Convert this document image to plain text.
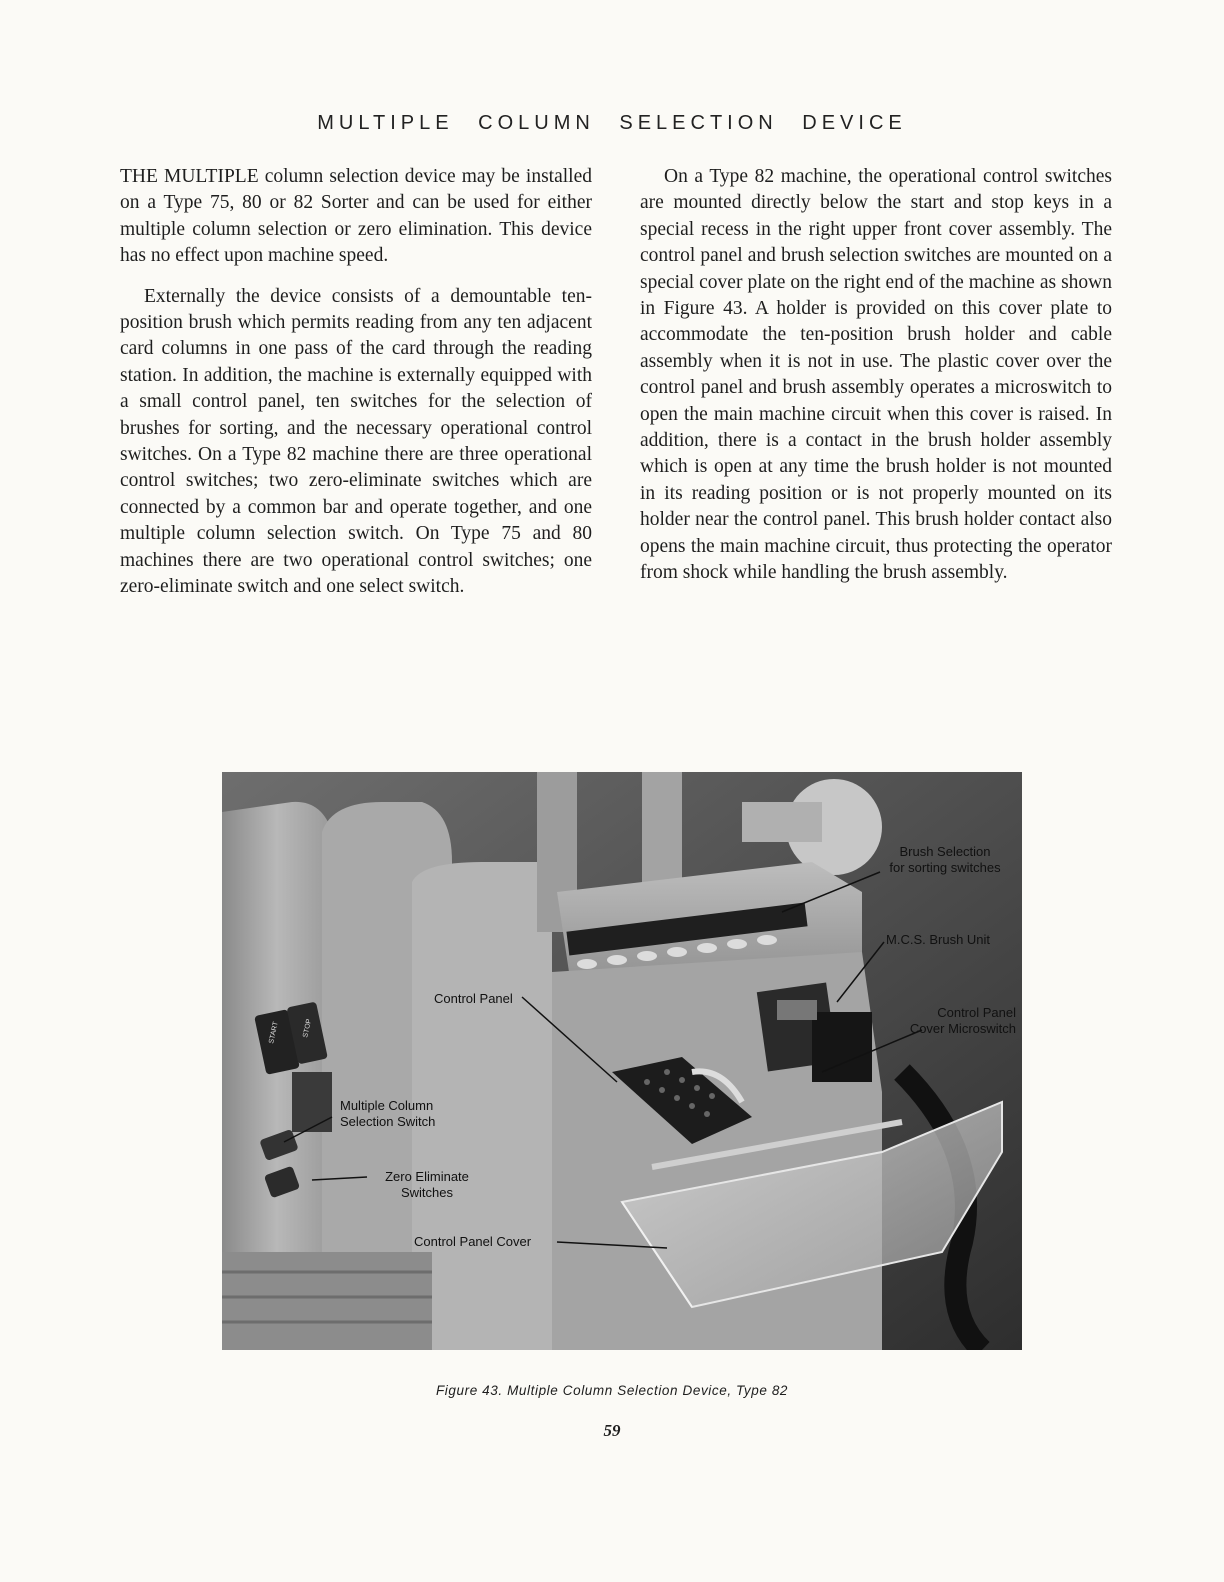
MULTIPLE COLUMN SELECTION DEVICE

THE MULTIPLE column selection device may be installed on a Type 75, 80 or 82 Sorter and can be used for either multiple column selection or zero elimination. This device has no effect upon machine speed.

Externally the device consists of a demountable ten-position brush which permits reading from any ten adjacent card columns in one pass of the card through the reading station. In addition, the machine is externally equipped with a small control panel, ten switches for the selection of brushes for sorting, and the necessary operational control switches. On a Type 82 machine there are three operational control switches; two zero-eliminate switches which are connected by a common bar and operate together, and one multiple column selection switch. On Type 75 and 80 machines there are two operational control switches; one zero-eliminate switch and one select switch.

On a Type 82 machine, the operational control switches are mounted directly below the start and stop keys in a special recess in the right upper front cover assembly. The control panel and brush selection switches are mounted on a special cover plate on the right end of the machine as shown in Figure 43. A holder is provided on this cover plate to accommodate the ten-position brush holder and cable assembly when it is not in use. The plastic cover over the control panel and brush assembly operates a microswitch to open the main machine circuit when this cover is raised. In addition, there is a contact in the brush holder assembly which is open at any time the brush holder is not mounted in its reading position or is not properly mounted on its holder near the control panel. This brush holder contact also opens the main machine circuit, thus protecting the operator from shock while handling the brush assembly.

START	STOP
Brush Selection
for sorting switches
M.C.S. Brush Unit
Control Panel
Cover Microswitch
Control Panel
Multiple Column
Selection Switch
Zero Eliminate
Switches
Control Panel Cover
Figure 43. Multiple Column Selection Device, Type 82
59
